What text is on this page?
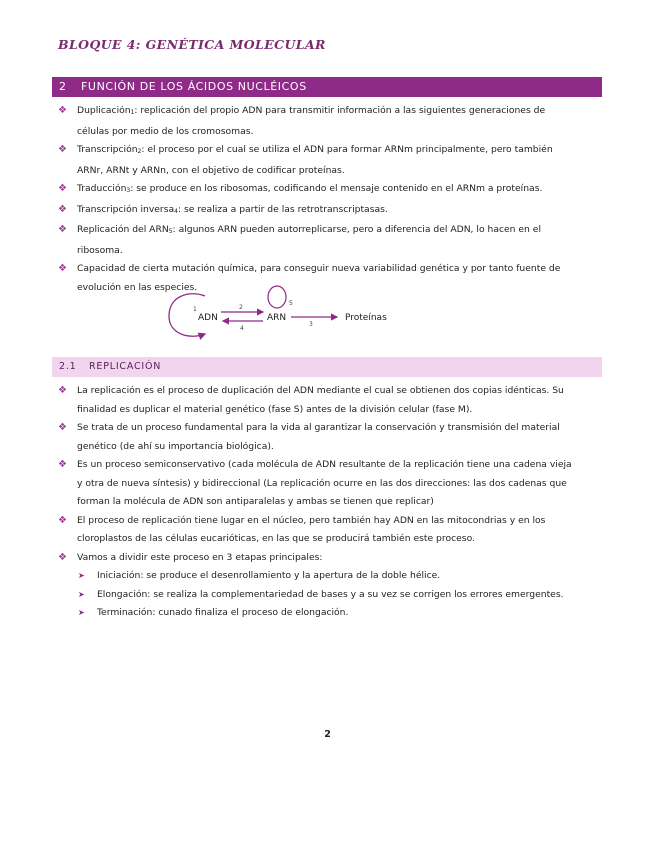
BLOQUE 4: GENÉTICA MOLECULAR
2 FUNCIÓN DE LOS ÁCIDOS NUCLÉICOS
❖ Duplicación$_1$: replicación del propio ADN para transmitir información a las siguientes generaciones de células por medio de los cromosomas.
❖ Transcripción$_2$: el proceso por el cual se utiliza el ADN para formar ARNm principalmente, pero también ARNr, ARNt y ARNn, con el objetivo de codificar proteínas.
❖ Traducción$_3$: se produce en los ribosomas, codificando el mensaje contenido en el ARNm a proteínas.
❖ Transcripción inversa$_4$: se realiza a partir de las retrotranscriptasas.
❖ Replicación del $ARN_5$: algunos ARN pueden autorreplicarse, pero a diferencia del ADN, lo hacen en el ribosoma.
❖ Capacidad de cierta mutación química, para conseguir nueva variabilidad genética y por tanto fuente de evolución en las especies.
1
ADN
2
4
5
ARN
3
Proteínas
2.1 REPLICACIÓN
❖ La replicación es el proceso de duplicación del ADN mediante el cual se obtienen dos copias idénticas. Su finalidad es duplicar el material genético (fase S) antes de la división celular (fase M).
❖ Se trata de un proceso fundamental para la vida al garantizar la conservación y transmisión del material genético (de ahí su importancia biológica).
❖ Es un proceso semiconservativo (cada molécula de ADN resultante de la replicación tiene una cadena vieja y otra de nueva síntesis) y bidireccional (La replicación ocurre en las dos direcciones: las dos cadenas que forman la molécula de ADN son antiparalelas y ambas se tienen que replicar)
❖ El proceso de replicación tiene lugar en el núcleo, pero también hay ADN en las mitocondrias y en los cloroplastos de las células eucarióticas, en las que se producirá también este proceso.
❖ Vamos a dividir este proceso en 3 etapas principales:
➤ Iniciación: se produce el desenrollamiento y la apertura de la doble hélice.
➤ Elongación: se realiza la complementariedad de bases y a su vez se corrigen los errores emergentes.
➤ Terminación: cunado finaliza el proceso de elongación.
2
